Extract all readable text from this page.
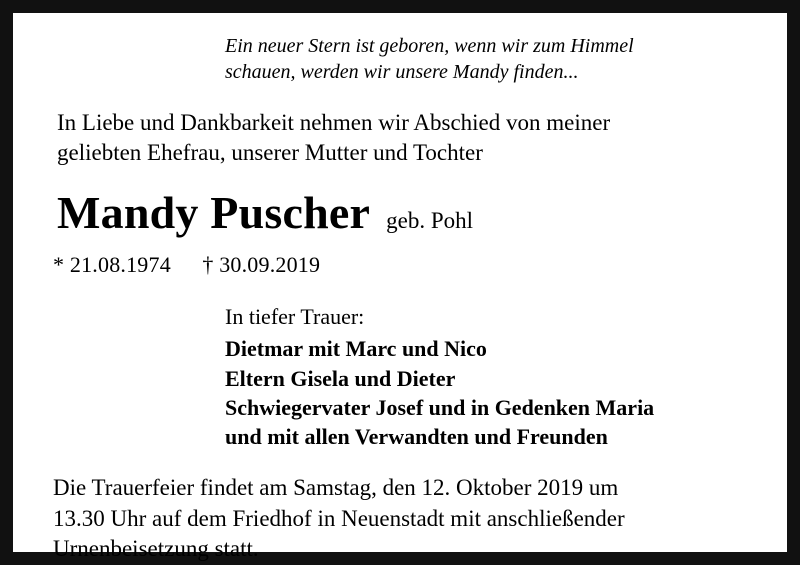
Ein neuer Stern ist geboren, wenn wir zum Himmel
schauen, werden wir unsere Mandy finden...
In Liebe und Dankbarkeit nehmen wir Abschied von meiner
geliebten Ehefrau, unserer Mutter und Tochter
Mandy Puscher geb. Pohl
* 21.08.1974 † 30.09.2019
In tiefer Trauer:
Dietmar mit Marc und Nico
Eltern Gisela und Dieter
Schwiegervater Josef und in Gedenken Maria
und mit allen Verwandten und Freunden
Die Trauerfeier findet am Samstag, den 12. Oktober 2019 um
13.30 Uhr auf dem Friedhof in Neuenstadt mit anschließender
Urnenbeisetzung statt.
